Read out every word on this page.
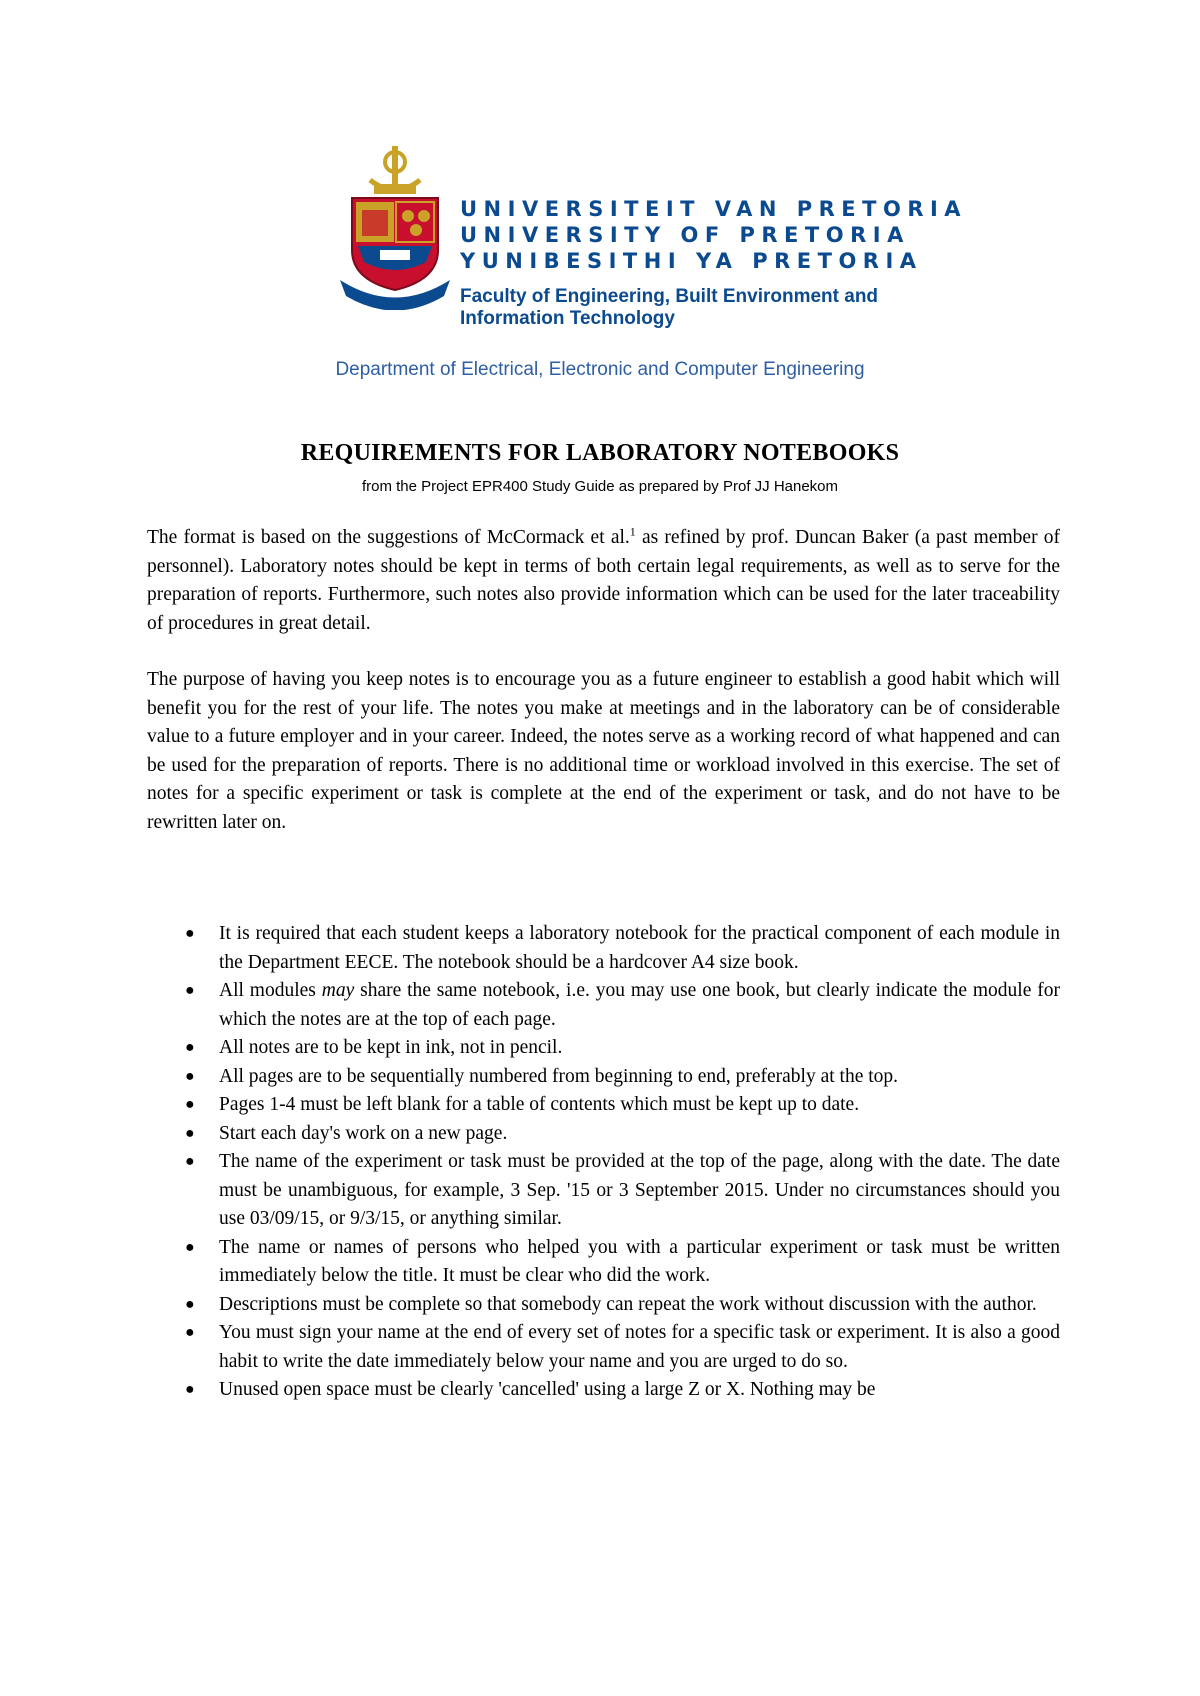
UNIVERSITEIT VAN PRETORIA
UNIVERSITY OF PRETORIA
YUNIBESITHI YA PRETORIA
Faculty of Engineering, Built Environment and
Information Technology
Department of Electrical, Electronic and Computer Engineering
REQUIREMENTS FOR LABORATORY NOTEBOOKS
from the Project EPR400 Study Guide as prepared by Prof JJ Hanekom
The format is based on the suggestions of McCormack et al.$^1$ as refined by prof. Duncan Baker (a past member of personnel). Laboratory notes should be kept in terms of both certain legal requirements, as well as to serve for the preparation of reports. Furthermore, such notes also provide information which can be used for the later traceability of procedures in great detail.
The purpose of having you keep notes is to encourage you as a future engineer to establish a good habit which will benefit you for the rest of your life. The notes you make at meetings and in the laboratory can be of considerable value to a future employer and in your career. Indeed, the notes serve as a working record of what happened and can be used for the preparation of reports. There is no additional time or workload involved in this exercise. The set of notes for a specific experiment or task is complete at the end of the experiment or task, and do not have to be rewritten later on.
● It is required that each student keeps a laboratory notebook for the practical component of each module in the Department EECE. The notebook should be a hardcover A4 size book.
● All modules may share the same notebook, i.e. you may use one book, but clearly indicate the module for which the notes are at the top of each page.
● All notes are to be kept in ink, not in pencil.
● All pages are to be sequentially numbered from beginning to end, preferably at the top.
● Pages 1-4 must be left blank for a table of contents which must be kept up to date.
● Start each day's work on a new page.
● The name of the experiment or task must be provided at the top of the page, along with the date. The date must be unambiguous, for example, 3 Sep. '15 or 3 September 2015. Under no circumstances should you use 03/09/15, or 9/3/15, or anything similar.
● The name or names of persons who helped you with a particular experiment or task must be written immediately below the title. It must be clear who did the work.
● Descriptions must be complete so that somebody can repeat the work without discussion with the author.
● You must sign your name at the end of every set of notes for a specific task or experiment. It is also a good habit to write the date immediately below your name and you are urged to do so.
● Unused open space must be clearly 'cancelled' using a large Z or X. Nothing may be
